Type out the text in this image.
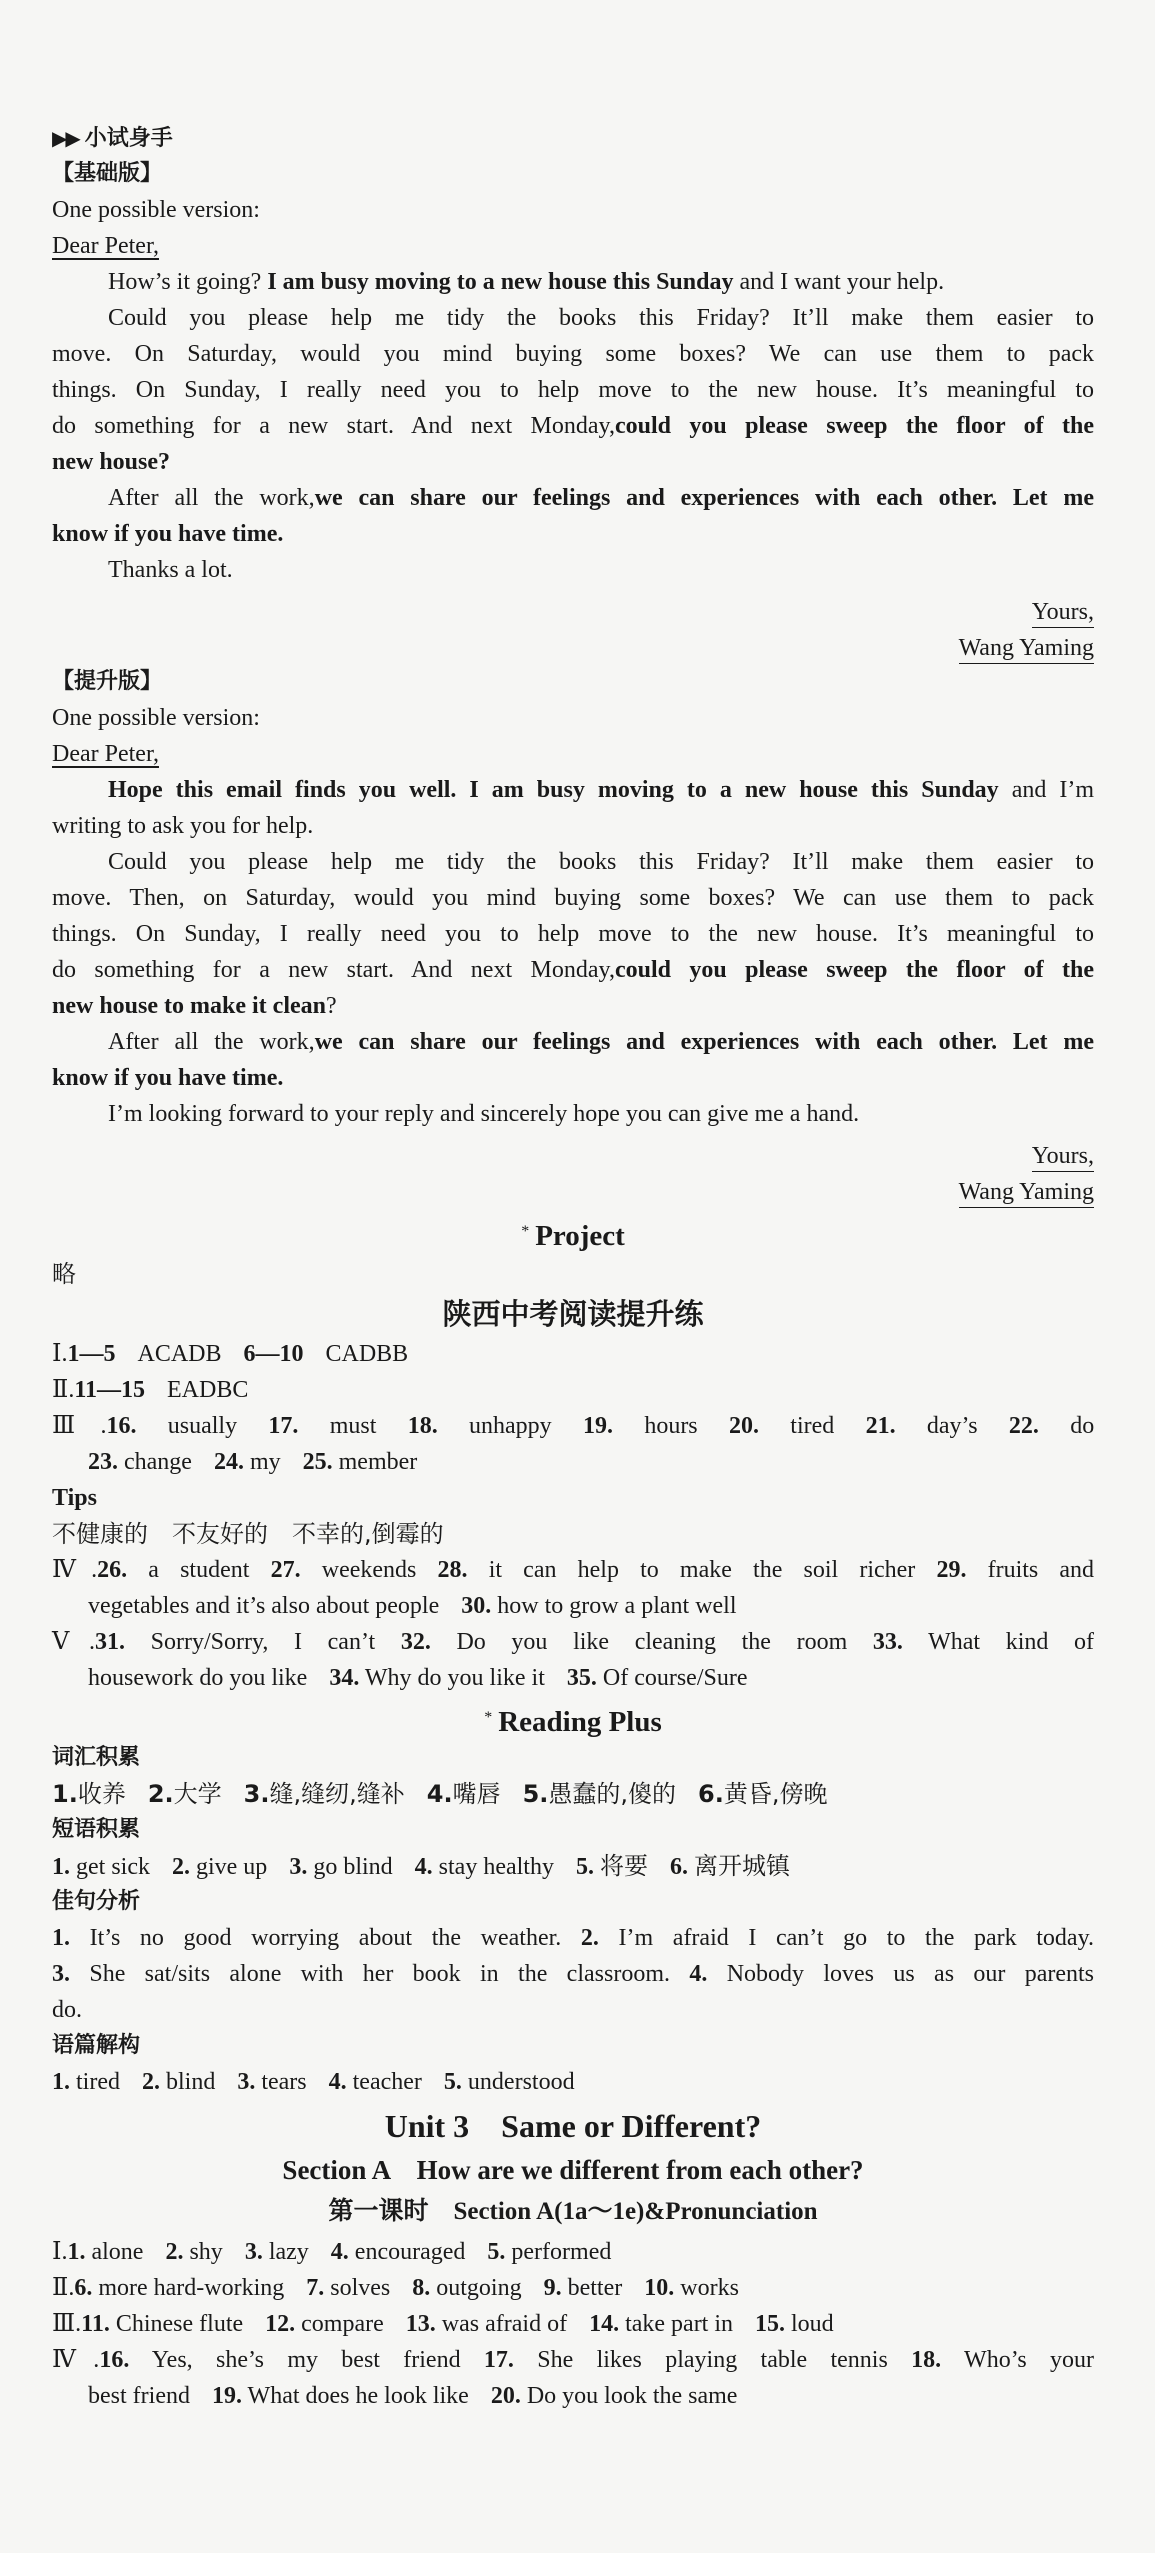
▶▶ 小试身手
【基础版】
One possible version:
Dear Peter,
How’s it going? I am busy moving to a new house this Sunday and I want your help.
Could you please help me tidy the books this Friday? It’ll make them easier to
move. On Saturday, would you mind buying some boxes? We can use them to pack
things. On Sunday, I really need you to help move to the new house. It’s meaningful to
do something for a new start. And next Monday,could you please sweep the floor of the
new house?
After all the work,we can share our feelings and experiences with each other. Let me
know if you have time.
Thanks a lot.
Yours,
Wang Yaming
【提升版】
One possible version:
Dear Peter,
Hope this email finds you well. I am busy moving to a new house this Sunday and I’m
writing to ask you for help.
Could you please help me tidy the books this Friday? It’ll make them easier to
move. Then, on Saturday, would you mind buying some boxes? We can use them to pack
things. On Sunday, I really need you to help move to the new house. It’s meaningful to
do something for a new start. And next Monday,could you please sweep the floor of the
new house to make it clean?
After all the work,we can share our feelings and experiences with each other. Let me
know if you have time.
I’m looking forward to your reply and sincerely hope you can give me a hand.
Yours,
Wang Yaming
* Project
略
陕西中考阅读提升练
Ⅰ.1—5 ACADB 6—10 CADBB
Ⅱ.11—15 EADBC
Ⅲ.16. usually 17. must 18. unhappy 19. hours 20. tired 21. day’s 22. do
23. change 24. my 25. member
Tips
不健康的　不友好的　不幸的,倒霉的
Ⅳ.26. a student 27. weekends 28. it can help to make the soil richer 29. fruits and
vegetables and it’s also about people 30. how to grow a plant well
Ⅴ.31. Sorry/Sorry, I can’t 32. Do you like cleaning the room 33. What kind of
housework do you like 34. Why do you like it 35. Of course/Sure
* Reading Plus
词汇积累
1.收养 2.大学 3.缝,缝纫,缝补 4.嘴唇 5.愚蠢的,傻的 6.黄昏,傍晚
短语积累
1. get sick 2. give up 3. go blind 4. stay healthy 5. 将要 6. 离开城镇
佳句分析
1. It’s no good worrying about the weather. 2. I’m afraid I can’t go to the park today.
3. She sat/sits alone with her book in the classroom. 4. Nobody loves us as our parents
do.
语篇解构
1. tired 2. blind 3. tears 4. teacher 5. understood
Unit 3　Same or Different?
Section A　How are we different from each other?
第一课时　Section A(1a～1e)&Pronunciation
Ⅰ.1. alone 2. shy 3. lazy 4. encouraged 5. performed
Ⅱ.6. more hard-working 7. solves 8. outgoing 9. better 10. works
Ⅲ.11. Chinese flute 12. compare 13. was afraid of 14. take part in 15. loud
Ⅳ.16. Yes, she’s my best friend 17. She likes playing table tennis 18. Who’s your
best friend 19. What does he look like 20. Do you look the same
